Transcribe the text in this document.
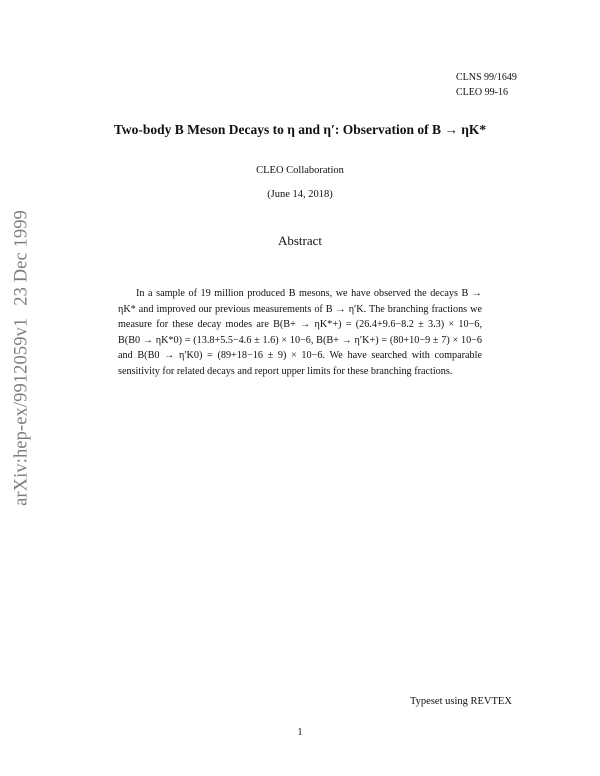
arXiv:hep-ex/9912059v123 Dec 1999
CLNS 99/1649
CLEO 99-16
Two-body B Meson Decays to η and η′: Observation of B → ηK*
CLEO Collaboration
(June 14, 2018)
Abstract
In a sample of 19 million produced B mesons, we have observed the decays B → ηK* and improved our previous measurements of B → η′K. The branching fractions we measure for these decay modes are B(B+ → ηK*+) = (26.4+9.6−8.2 ± 3.3) × 10−6, B(B0 → ηK*0) = (13.8+5.5−4.6 ± 1.6) × 10−6, B(B+ → η′K+) = (80+10−9 ± 7) × 10−6 and B(B0 → η′K0) = (89+18−16 ± 9) × 10−6. We have searched with comparable sensitivity for related decays and report upper limits for these branching fractions.
Typeset using REVTEX
1
